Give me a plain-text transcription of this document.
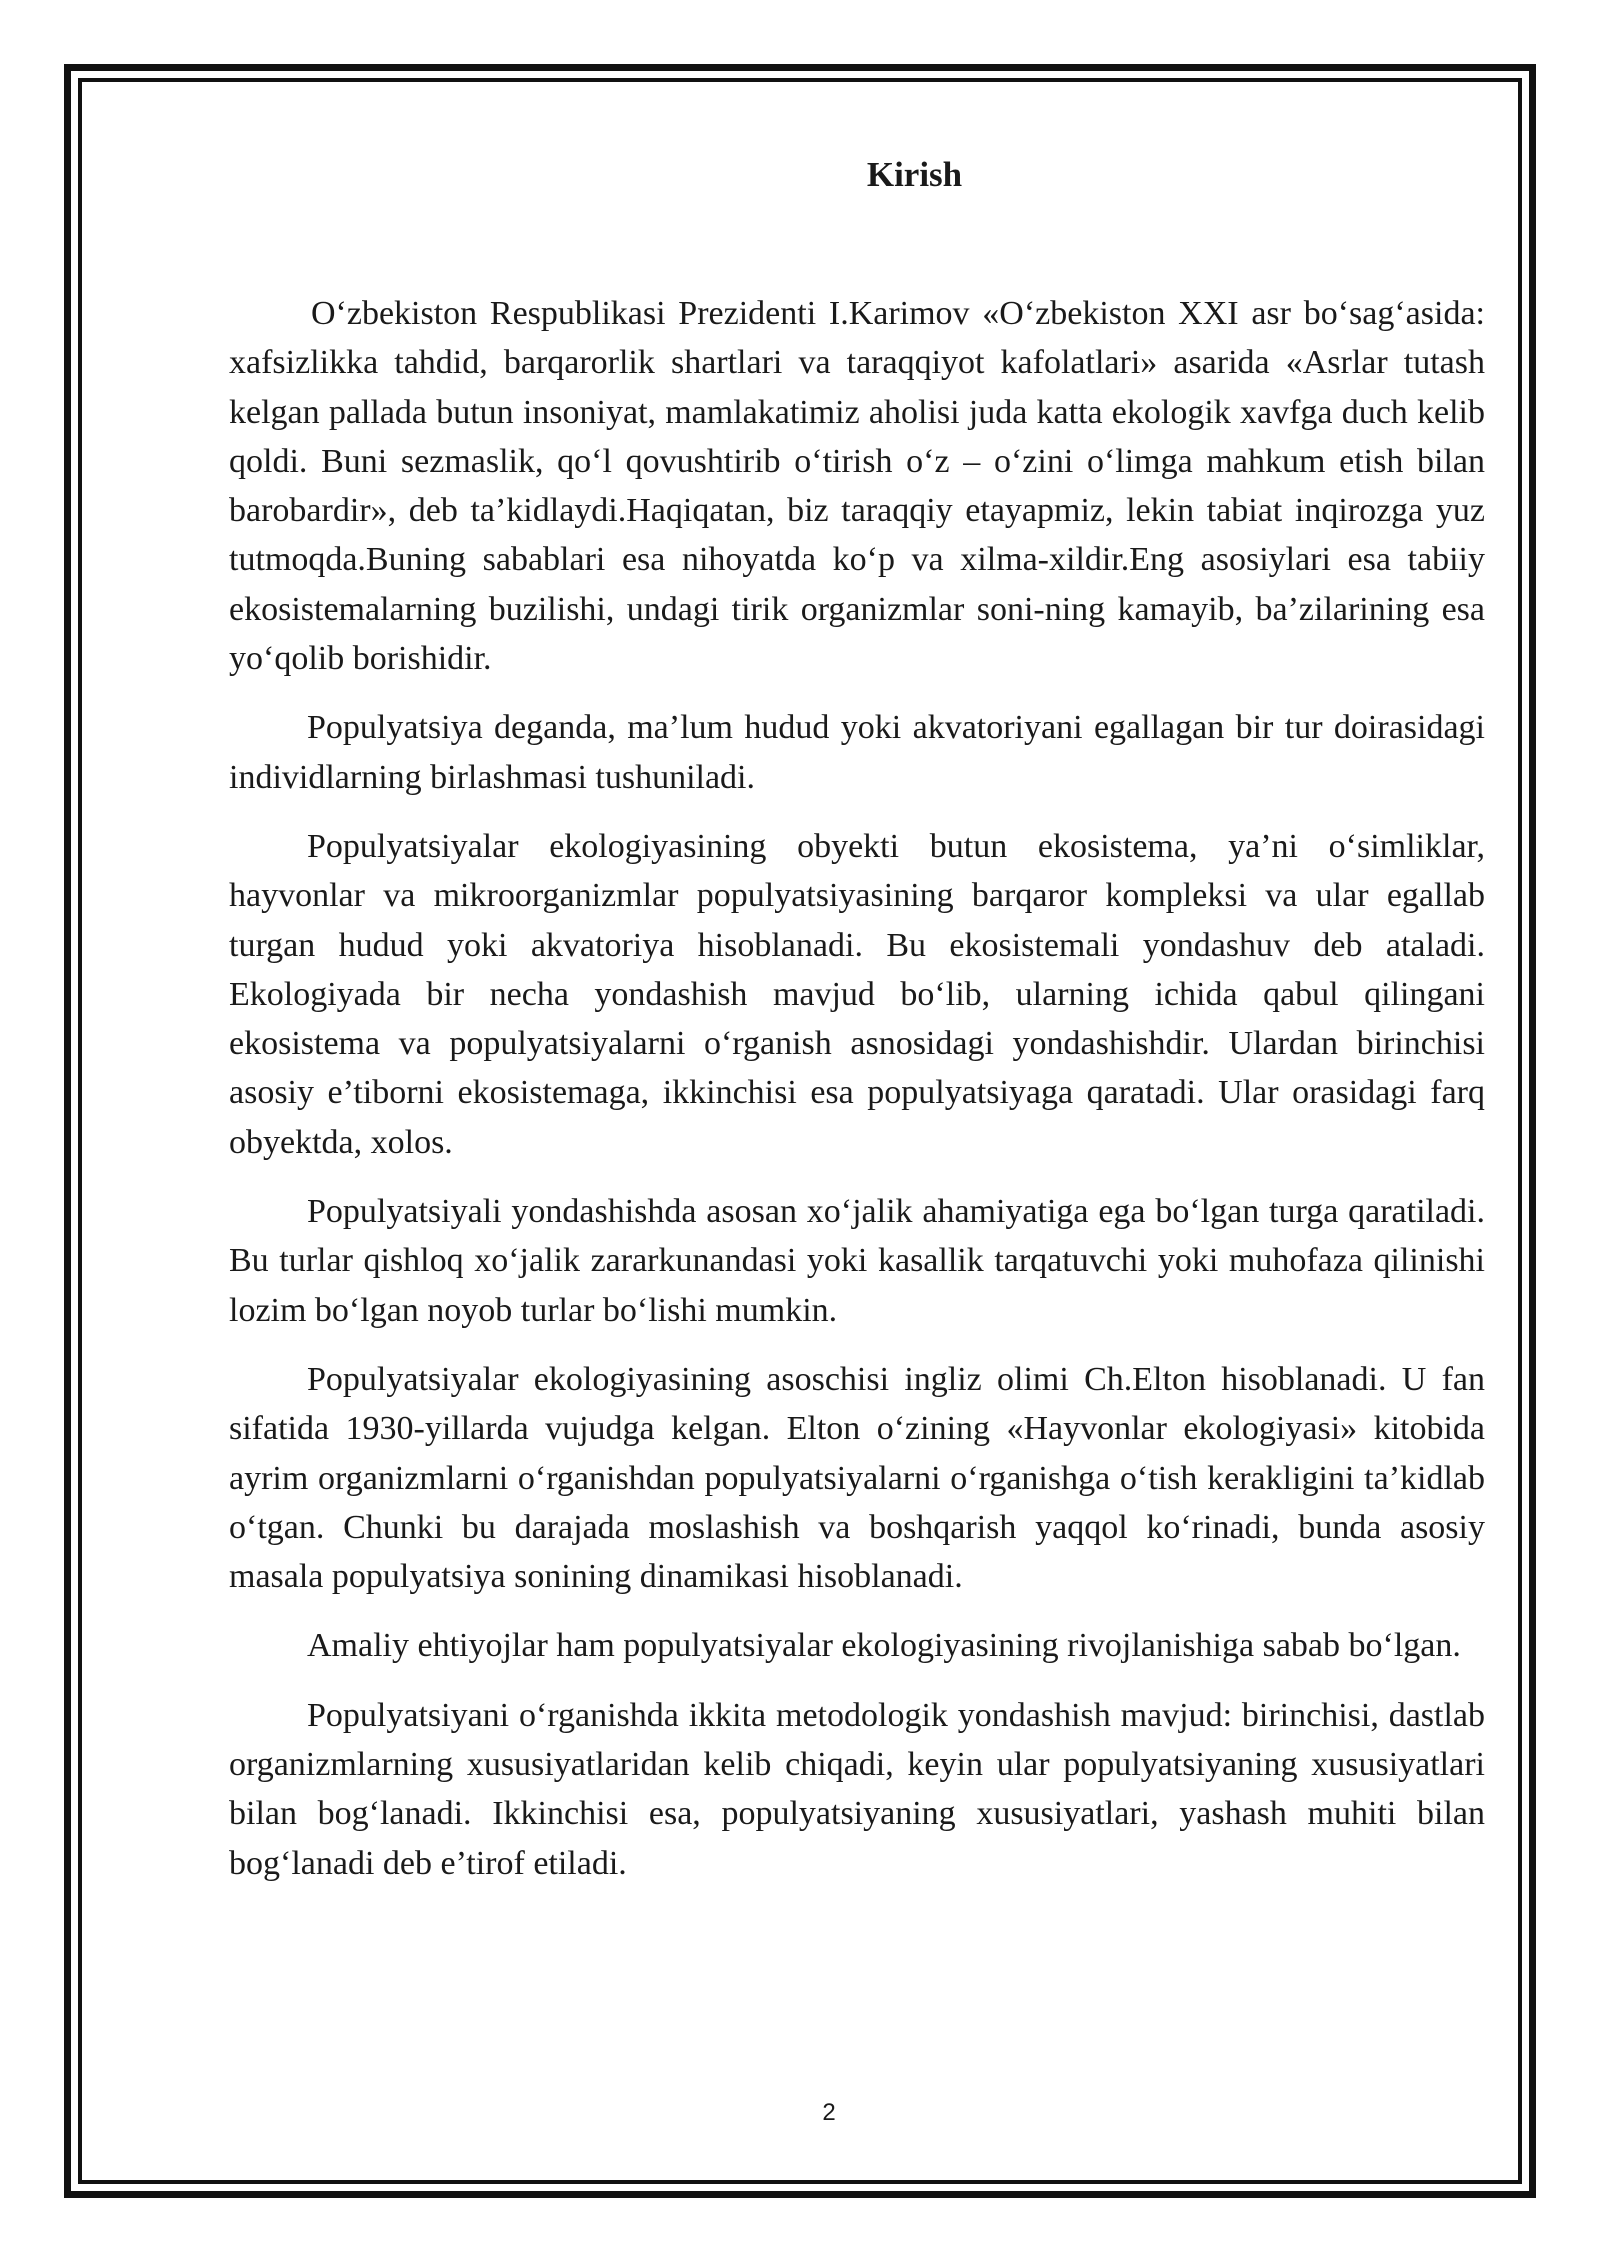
Kirish

O‘zbekiston Respublikasi Prezidenti I.Karimov «O‘zbekiston XXI asr bo‘sag‘asida: xafsizlikka tahdid, barqarorlik shartlari va taraqqiyot kafolatlari» asarida «Asrlar tutash kelgan pallada butun insoniyat, mamlakatimiz aholisi juda katta ekologik xavfga duch kelib qoldi. Buni sezmaslik, qo‘l qovushtirib o‘tirish o‘z – o‘zini o‘limga mahkum etish bilan barobardir», deb ta’kidlaydi.Haqiqatan, biz taraqqiy etayapmiz, lekin tabiat inqirozga yuz tutmoqda.Buning sabablari esa nihoyatda ko‘p va xilma-xildir.Eng asosiylari esa tabiiy ekosistemalarning buzilishi, undagi tirik organizmlar soni-ning kamayib, ba’zilarining esa yo‘qolib borishidir.

Populyatsiya deganda, ma’lum hudud yoki akvatoriyani egallagan bir tur doirasidagi individlarning birlashmasi tushuniladi.

Populyatsiyalar ekologiyasining obyekti butun ekosistema, ya’ni o‘simliklar, hayvonlar va mikroorganizmlar populyatsiyasining barqaror kompleksi va ular egallab turgan hudud yoki akvatoriya hisoblanadi. Bu ekosistemali yondashuv deb ataladi. Ekologiyada bir necha yondashish mavjud bo‘lib, ularning ichida qabul qilingani ekosistema va populyatsiyalarni o‘rganish asnosidagi yondashishdir. Ulardan birinchisi asosiy e’tiborni ekosistemaga, ikkinchisi esa populyatsiyaga qaratadi. Ular orasidagi farq obyektda, xolos.

Populyatsiyali yondashishda asosan xo‘jalik ahamiyatiga ega bo‘lgan turga qaratiladi. Bu turlar qishloq xo‘jalik zararkunandasi yoki kasallik tarqatuvchi yoki muhofaza qilinishi lozim bo‘lgan noyob turlar bo‘lishi mumkin.

Populyatsiyalar ekologiyasining asoschisi ingliz olimi Ch.Elton hisoblanadi. U fan sifatida 1930-yillarda vujudga kelgan. Elton o‘zining «Hayvonlar ekologiyasi» kitobida ayrim organizmlarni o‘rganishdan populyatsiyalarni o‘rganishga o‘tish kerakligini ta’kidlab o‘tgan. Chunki bu darajada moslashish va boshqarish yaqqol ko‘rinadi, bunda asosiy masala populyatsiya sonining dinamikasi hisoblanadi.

Amaliy ehtiyojlar ham populyatsiyalar ekologiyasining rivojlanishiga sabab bo‘lgan.

Populyatsiyani o‘rganishda ikkita metodologik yondashish mavjud: birinchisi, dastlab organizmlarning xususiyatlaridan kelib chiqadi, keyin ular populyatsiyaning xususiyatlari bilan bog‘lanadi. Ikkinchisi esa, populyatsiyaning xususiyatlari, yashash muhiti bilan bog‘lanadi deb e’tirof etiladi.

2
